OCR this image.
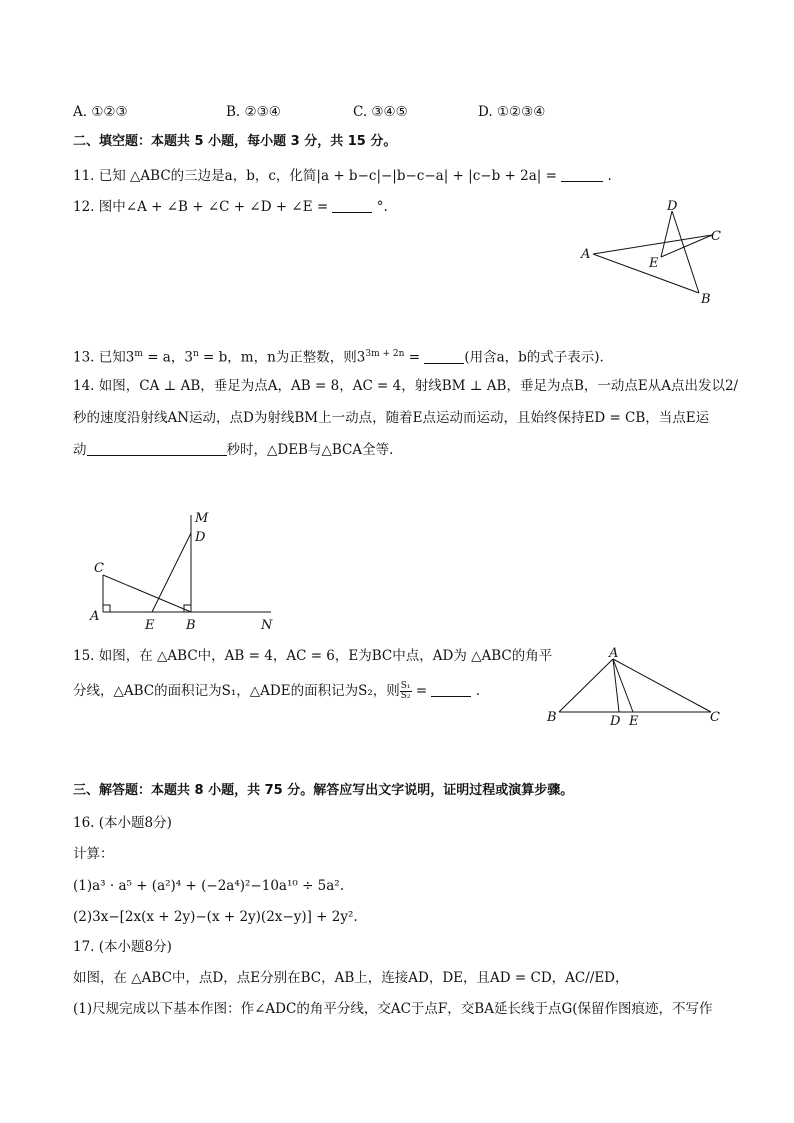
A. ①②③	B. ②③④	C. ③④⑤	D. ①②③④
二、填空题：本题共 5 小题，每小题 3 分，共 15 分。
11. 已知 △ABC的三边是a，b，c，化简|a + b−c|−|b−c−a| + |c−b + 2a| =	.
12. 图中∠A + ∠B + ∠C + ∠D + ∠E =	°.
A
B
C
D
E
13. 已知$3^m = a$，$3^n = b$，m，n为正整数，则$3^{3m + 2n}$ =	(用含a，b的式子表示).
14. 如图，CA ⊥ AB，垂足为点A，AB = 8，AC = 4，射线BM ⊥ AB，垂足为点B，一动点E从A点出发以2/
秒的速度沿射线AN运动，点D为射线BM上一动点，随着E点运动而运动，且始终保持ED = CB，当点E运
动	秒时，△DEB与△BCA全等.
M
D
C
A
E B	N
15. 如图，在 △ABC中，AB = 4，AC = 6，E为BC中点，AD为 △ABC的角平
分线，△ABC的面积记为S₁，△ADE的面积记为S₂，则 $\frac{\text{S₁}}{\text{S₂}}$ =	.
A
B	D E	C
三、解答题：本题共 8 小题，共 75 分。解答应写出文字说明，证明过程或演算步骤。
16. (本小题8分)
计算：
(1)a³ · a⁵ + (a²)⁴ + (−2a⁴)²−10a¹⁰ ÷ 5a².
(2)3x−[2x(x + 2y)−(x + 2y)(2x−y)] + 2y².
17. (本小题8分)
如图，在 △ABC中，点D，点E分别在BC，AB上，连接AD，DE，且AD = CD，AC//ED，
(1)尺规完成以下基本作图：作∠ADC的角平分线，交AC于点F，交BA延长线于点G(保留作图痕迹，不写作
